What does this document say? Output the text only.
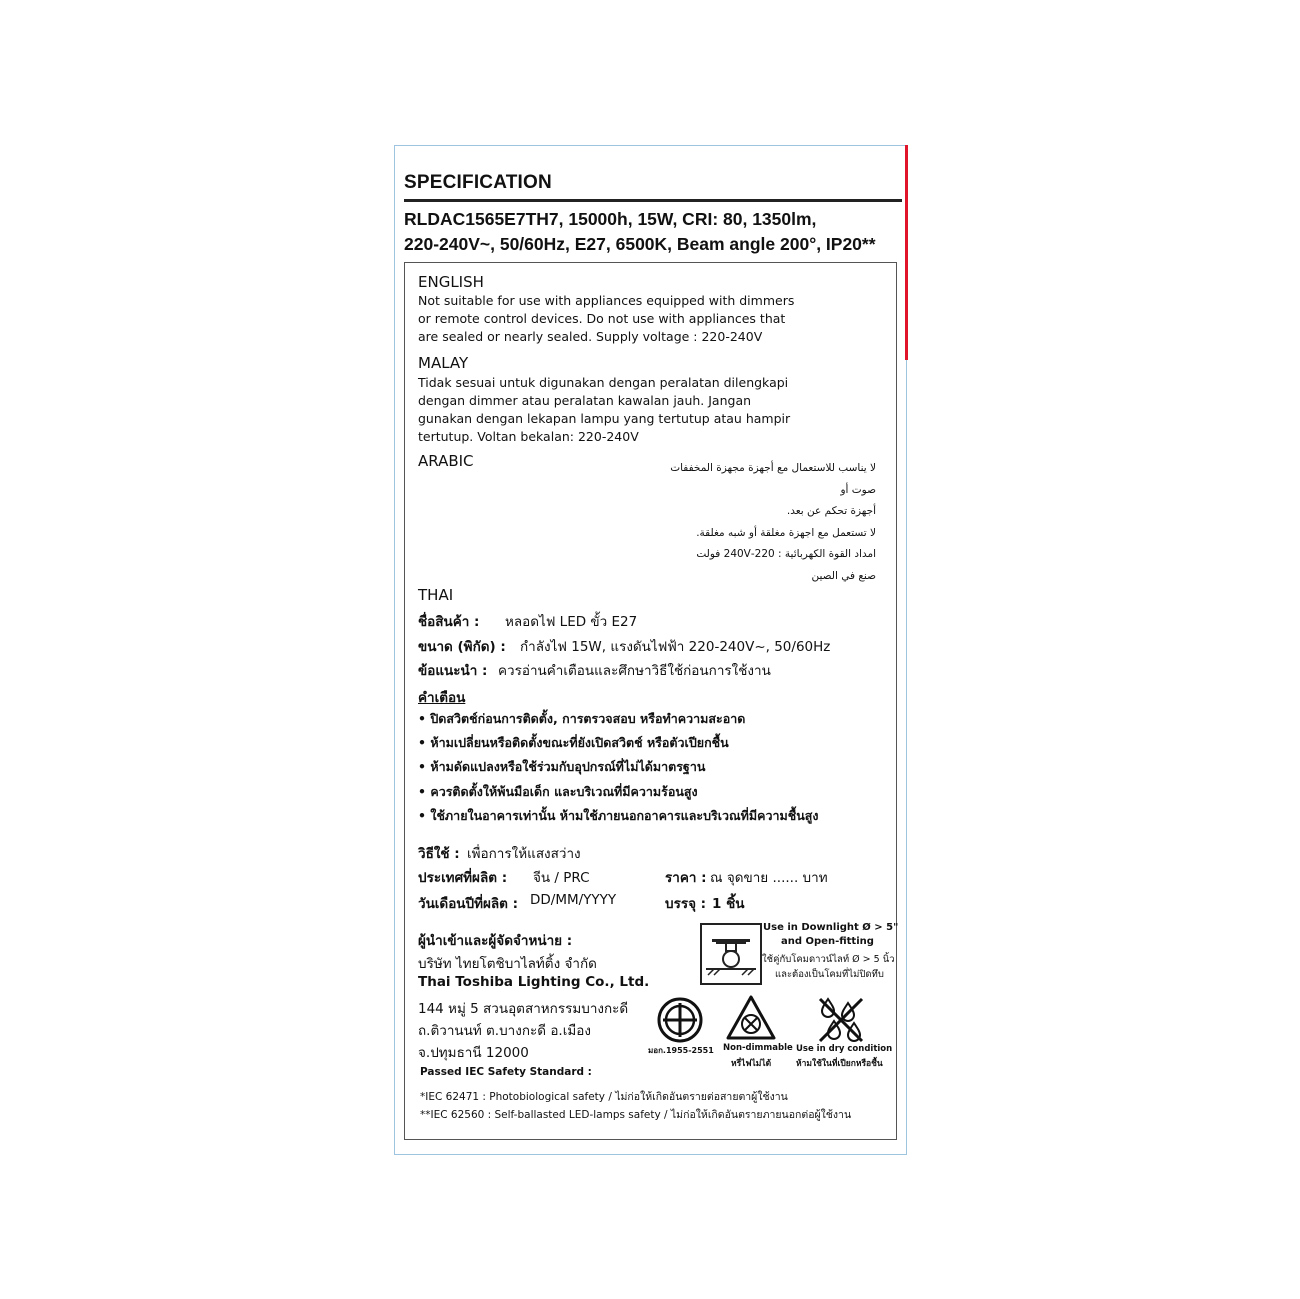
SPECIFICATION
RLDAC1565E7TH7, 15000h, 15W, CRI: 80, 1350lm,
220-240V~, 50/60Hz, E27, 6500K, Beam angle 200°, IP20**
ENGLISH
Not suitable for use with appliances equipped with dimmers
or remote control devices. Do not use with appliances that
are sealed or nearly sealed. Supply voltage : 220-240V
MALAY
Tidak sesuai untuk digunakan dengan peralatan dilengkapi
dengan dimmer atau peralatan kawalan jauh. Jangan
gunakan dengan lekapan lampu yang tertutup atau hampir
tertutup. Voltan bekalan: 220-240V
ARABIC	لا يناسب للاستعمال مع أجهزة مجهزة المخففات
صوت أو
أجهزة تحكم عن بعد.
لا تستعمل مع اجهزة مغلقة أو شبه مغلقة.
امداد القوة الكهربائية : 220-240V فولت
صنع في الصين
THAI
ชื่อสินค้า : หลอดไฟ LED ขั้ว E27
ขนาด (พิกัด) : กำลังไฟ 15W, แรงดันไฟฟ้า 220-240V~, 50/60Hz
ข้อแนะนำ : ควรอ่านคำเตือนและศึกษาวิธีใช้ก่อนการใช้งาน
คำเตือน
• ปิดสวิตช์ก่อนการติดตั้ง, การตรวจสอบ หรือทำความสะอาด
• ห้ามเปลี่ยนหรือติดตั้งขณะที่ยังเปิดสวิตช์ หรือตัวเปียกชื้น
• ห้ามดัดแปลงหรือใช้ร่วมกับอุปกรณ์ที่ไม่ได้มาตรฐาน
• ควรติดตั้งให้พ้นมือเด็ก และบริเวณที่มีความร้อนสูง
• ใช้ภายในอาคารเท่านั้น ห้ามใช้ภายนอกอาคารและบริเวณที่มีความชื้นสูง
วิธีใช้ : เพื่อการให้แสงสว่าง
ประเทศที่ผลิต : จีน / PRC	ราคา : ณ จุดขาย ...... บาท
วันเดือนปีที่ผลิต : DD/MM/YYYY	บรรจุ : 1 ชิ้น
ผู้นำเข้าและผู้จัดจำหน่าย :
บริษัท ไทยโตชิบาไลท์ติ้ง จำกัด
Thai Toshiba Lighting Co., Ltd.
144 หมู่ 5 สวนอุตสาหกรรมบางกะดี
ถ.ติวานนท์ ต.บางกะดี อ.เมือง
จ.ปทุมธานี 12000
Use in Downlight Ø > 5"
and Open-fitting
ใช้คู่กับโคมดาวน์ไลท์ Ø > 5 นิ้ว
และต้องเป็นโคมที่ไม่ปิดทึบ
มอก.1955-2551 Non-dimmable
หรี่ไฟไม่ได้
Use in dry condition
ห้ามใช้ในที่เปียกหรือชื้น
Passed IEC Safety Standard :
*IEC 62471 : Photobiological safety / ไม่ก่อให้เกิดอันตรายต่อสายตาผู้ใช้งาน
**IEC 62560 : Self-ballasted LED-lamps safety / ไม่ก่อให้เกิดอันตรายภายนอกต่อผู้ใช้งาน
